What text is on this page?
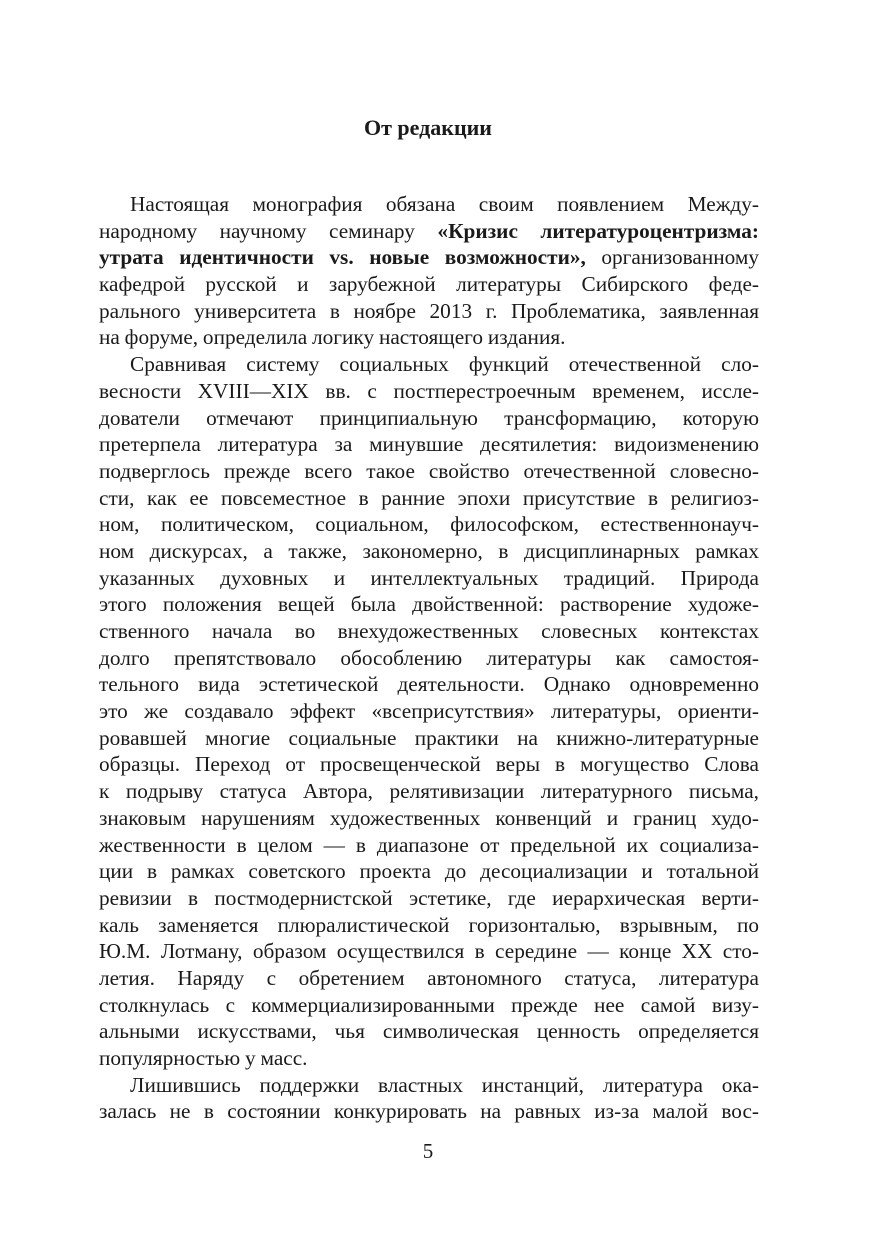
От редакции
Настоящая монография обязана своим появлением Между-
народному научному семинару «Кризис литературоцентризма:
утрата идентичности vs. новые возможности», организованному
кафедрой русской и зарубежной литературы Сибирского феде-
рального университета в ноябре 2013 г. Проблематика, заявленная
на форуме, определила логику настоящего издания.
Сравнивая систему социальных функций отечественной сло-
весности XVIII—XIX вв. с постперестроечным временем, иссле-
дователи отмечают принципиальную трансформацию, которую
претерпела литература за минувшие десятилетия: видоизменению
подверглось прежде всего такое свойство отечественной словесно-
сти, как ее повсеместное в ранние эпохи присутствие в религиоз-
ном, политическом, социальном, философском, естественнонауч-
ном дискурсах, а также, закономерно, в дисциплинарных рамках
указанных духовных и интеллектуальных традиций. Природа
этого положения вещей была двойственной: растворение художе-
ственного начала во внехудожественных словесных контекстах
долго препятствовало обособлению литературы как самостоя-
тельного вида эстетической деятельности. Однако одновременно
это же создавало эффект «всеприсутствия» литературы, ориенти-
ровавшей многие социальные практики на книжно-литературные
образцы. Переход от просвещенческой веры в могущество Слова
к подрыву статуса Автора, релятивизации литературного письма,
знаковым нарушениям художественных конвенций и границ худо-
жественности в целом — в диапазоне от предельной их социализа-
ции в рамках советского проекта до десоциализации и тотальной
ревизии в постмодернистской эстетике, где иерархическая верти-
каль заменяется плюралистической горизонталью, взрывным, по
Ю.М. Лотману, образом осуществился в середине — конце XX сто-
летия. Наряду с обретением автономного статуса, литература
столкнулась с коммерциализированными прежде нее самой визу-
альными искусствами, чья символическая ценность определяется
популярностью у масс.
Лишившись поддержки властных инстанций, литература ока-
залась не в состоянии конкурировать на равных из-за малой вос-
5
